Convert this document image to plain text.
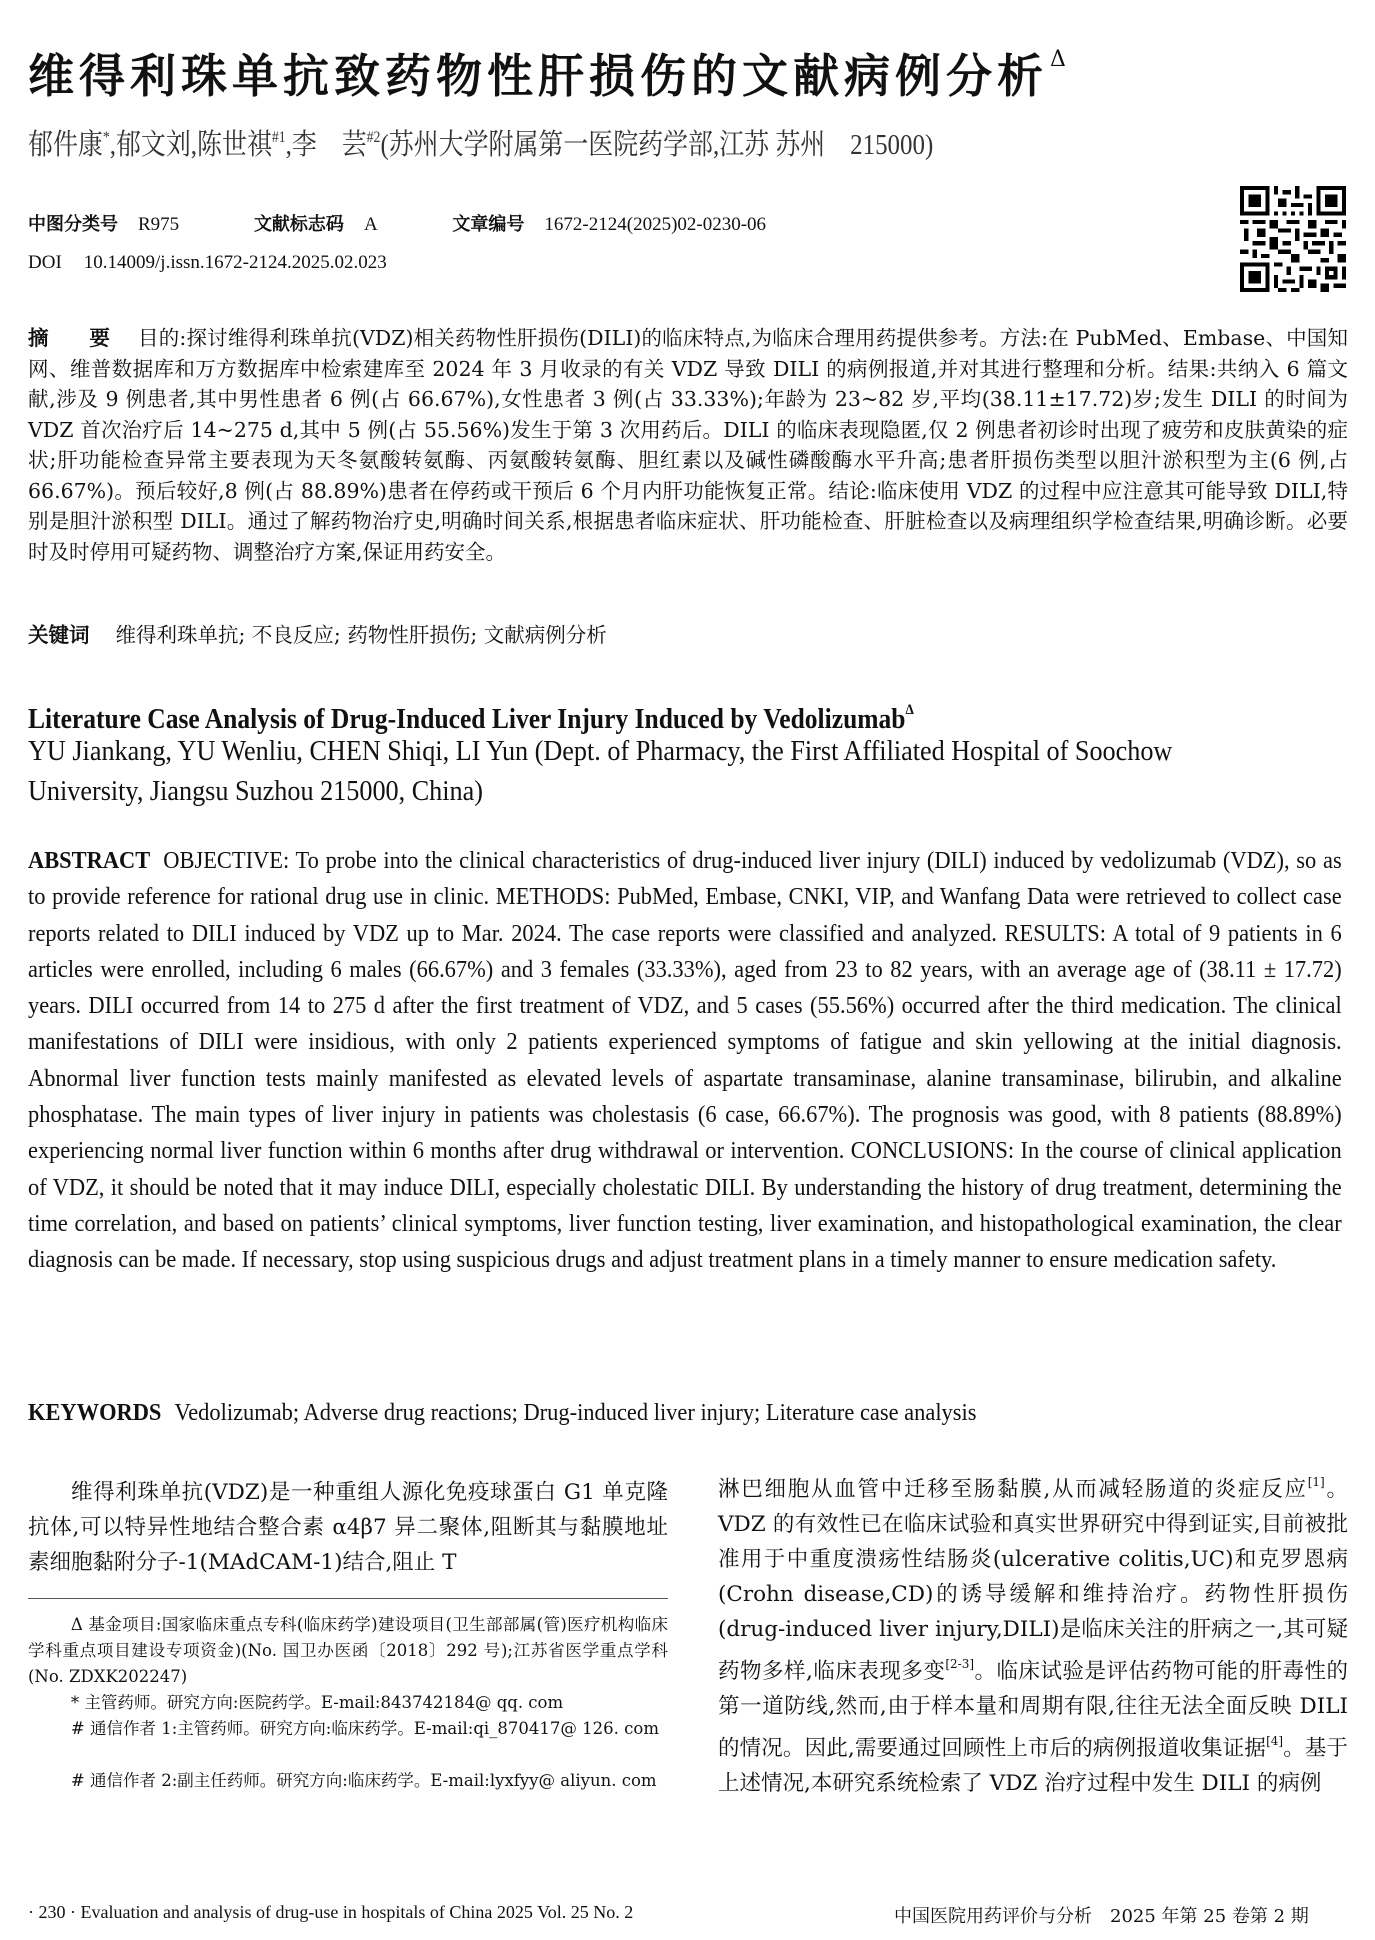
维得利珠单抗致药物性肝损伤的文献病例分析$^\Delta$
郁件康*,郁文刘,陈世祺$^{\#1}$,李　芸$^{\#2}$(苏州大学附属第一医院药学部,江苏 苏州　215000)
中图分类号 R975	文献标志码 A	文章编号 1672-2124(2025)02-0230-06
DOI 10.14009/j.issn.1672-2124.2025.02.023
摘　要 目的:探讨维得利珠单抗(VDZ)相关药物性肝损伤(DILI)的临床特点,为临床合理用药提供参考。方法:在 PubMed、Embase、中国知网、维普数据库和万方数据库中检索建库至 2024 年 3 月收录的有关 VDZ 导致 DILI 的病例报道,并对其进行整理和分析。结果:共纳入 6 篇文献,涉及 9 例患者,其中男性患者 6 例(占 66.67%),女性患者 3 例(占 33.33%);年龄为 23~82 岁,平均(38.11±17.72)岁;发生 DILI 的时间为 VDZ 首次治疗后 14~275 d,其中 5 例(占 55.56%)发生于第 3 次用药后。DILI 的临床表现隐匿,仅 2 例患者初诊时出现了疲劳和皮肤黄染的症状;肝功能检查异常主要表现为天冬氨酸转氨酶、丙氨酸转氨酶、胆红素以及碱性磷酸酶水平升高;患者肝损伤类型以胆汁淤积型为主(6 例,占 66.67%)。预后较好,8 例(占 88.89%)患者在停药或干预后 6 个月内肝功能恢复正常。结论:临床使用 VDZ 的过程中应注意其可能导致 DILI,特别是胆汁淤积型 DILI。通过了解药物治疗史,明确时间关系,根据患者临床症状、肝功能检查、肝脏检查以及病理组织学检查结果,明确诊断。必要时及时停用可疑药物、调整治疗方案,保证用药安全。
关键词 维得利珠单抗; 不良反应; 药物性肝损伤; 文献病例分析
Literature Case Analysis of Drug-Induced Liver Injury Induced by Vedolizumab$^\Delta$
YU Jiankang, YU Wenliu, CHEN Shiqi, LI Yun (Dept. of Pharmacy, the First Affiliated Hospital of Soochow University, Jiangsu Suzhou 215000, China)
ABSTRACT OBJECTIVE: To probe into the clinical characteristics of drug-induced liver injury (DILI) induced by vedolizumab (VDZ), so as to provide reference for rational drug use in clinic. METHODS: PubMed, Embase, CNKI, VIP, and Wanfang Data were retrieved to collect case reports related to DILI induced by VDZ up to Mar. 2024. The case reports were classified and analyzed. RESULTS: A total of 9 patients in 6 articles were enrolled, including 6 males (66.67%) and 3 females (33.33%), aged from 23 to 82 years, with an average age of (38.11 ± 17.72) years. DILI occurred from 14 to 275 d after the first treatment of VDZ, and 5 cases (55.56%) occurred after the third medication. The clinical manifestations of DILI were insidious, with only 2 patients experienced symptoms of fatigue and skin yellowing at the initial diagnosis. Abnormal liver function tests mainly manifested as elevated levels of aspartate transaminase, alanine transaminase, bilirubin, and alkaline phosphatase. The main types of liver injury in patients was cholestasis (6 case, 66.67%). The prognosis was good, with 8 patients (88.89%) experiencing normal liver function within 6 months after drug withdrawal or intervention. CONCLUSIONS: In the course of clinical application of VDZ, it should be noted that it may induce DILI, especially cholestatic DILI. By understanding the history of drug treatment, determining the time correlation, and based on patients’ clinical symptoms, liver function testing, liver examination, and histopathological examination, the clear diagnosis can be made. If necessary, stop using suspicious drugs and adjust treatment plans in a timely manner to ensure medication safety.
KEYWORDS Vedolizumab; Adverse drug reactions; Drug-induced liver injury; Literature case analysis
维得利珠单抗(VDZ)是一种重组人源化免疫球蛋白 G1 单克隆抗体,可以特异性地结合整合素 α4β7 异二聚体,阻断其与黏膜地址素细胞黏附分子-1(MAdCAM-1)结合,阻止 T
Δ 基金项目:国家临床重点专科(临床药学)建设项目(卫生部部属(管)医疗机构临床学科重点项目建设专项资金)(No. 国卫办医函〔2018〕292 号);江苏省医学重点学科(No. ZDXK202247)
* 主管药师。研究方向:医院药学。E-mail:843742184@ qq. com
# 通信作者 1:主管药师。研究方向:临床药学。E-mail:qi_870417@ 126. com
# 通信作者 2:副主任药师。研究方向:临床药学。E-mail:lyxfyy@ aliyun. com
淋巴细胞从血管中迁移至肠黏膜,从而减轻肠道的炎症反应[1]。VDZ 的有效性已在临床试验和真实世界研究中得到证实,目前被批准用于中重度溃疡性结肠炎(ulcerative colitis,UC)和克罗恩病(Crohn disease,CD)的诱导缓解和维持治疗。药物性肝损伤(drug-induced liver injury,DILI)是临床关注的肝病之一,其可疑药物多样,临床表现多变[2-3]。临床试验是评估药物可能的肝毒性的第一道防线,然而,由于样本量和周期有限,往往无法全面反映 DILI 的情况。因此,需要通过回顾性上市后的病例报道收集证据[4]。基于上述情况,本研究系统检索了 VDZ 治疗过程中发生 DILI 的病例
· 230 · Evaluation and analysis of drug-use in hospitals of China 2025 Vol. 25 No. 2	中国医院用药评价与分析　2025 年第 25 卷第 2 期
